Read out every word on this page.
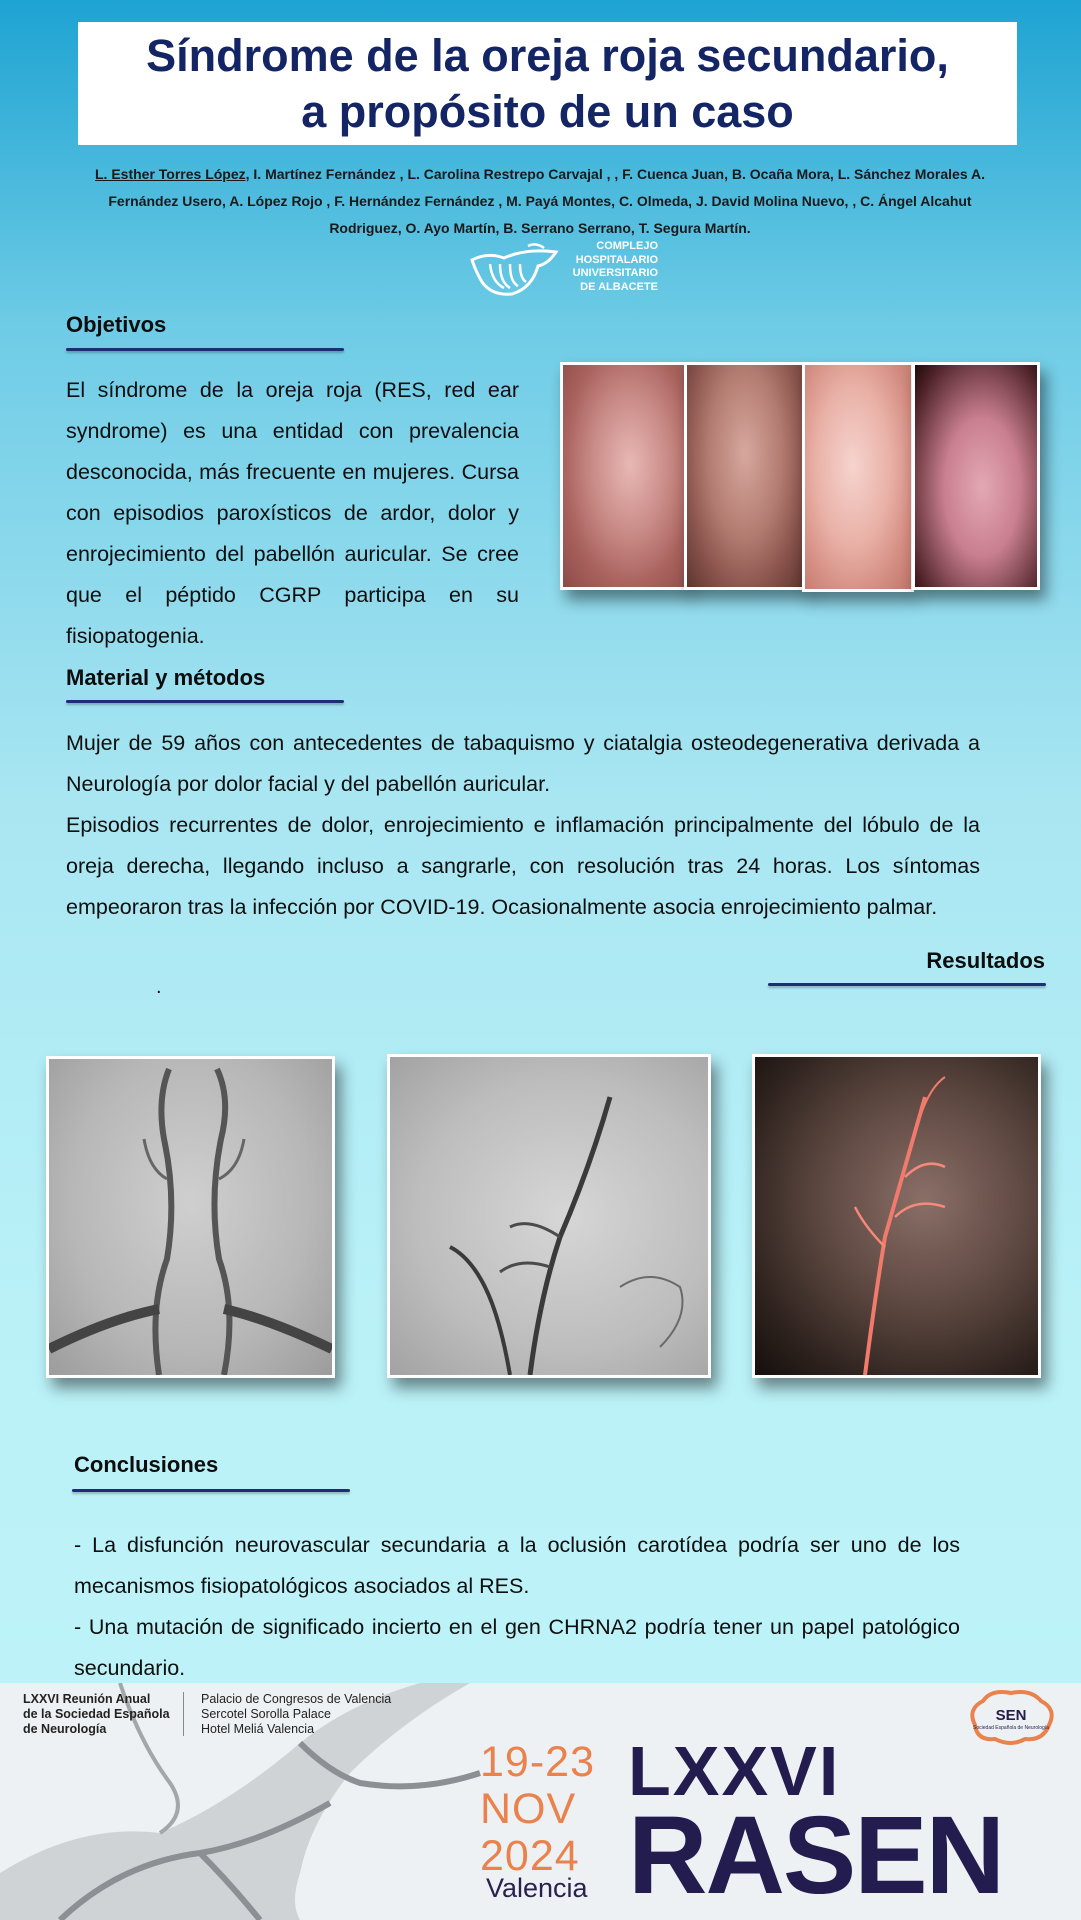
Síndrome de la oreja roja secundario,
a propósito de un caso
L. Esther Torres López, I. Martínez Fernández , L. Carolina Restrepo Carvajal , , F. Cuenca Juan, B. Ocaña Mora, L. Sánchez Morales A. Fernández Usero, A. López Rojo , F. Hernández Fernández , M. Payá Montes, C. Olmeda, J. David Molina Nuevo, , C. Ángel Alcahut Rodriguez, O. Ayo Martín, B. Serrano Serrano, T. Segura Martín.
COMPLEJO
HOSPITALARIO
UNIVERSITARIO
DE ALBACETE
Objetivos

El síndrome de la oreja roja (RES, red ear syndrome) es una entidad con prevalencia desconocida, más frecuente en mujeres. Cursa con episodios paroxísticos de ardor, dolor y enrojecimiento del pabellón auricular. Se cree que el péptido CGRP participa en su fisiopatogenia.

Material y métodos

Mujer de 59 años con antecedentes de tabaquismo y ciatalgia osteodegenerativa derivada a Neurología por dolor facial y del pabellón auricular.

Episodios recurrentes de dolor, enrojecimiento e inflamación principalmente del lóbulo de la oreja derecha, llegando incluso a sangrarle, con resolución tras 24 horas. Los síntomas empeoraron tras la infección por COVID-19. Ocasionalmente asocia enrojecimiento palmar.

.
Resultados
Conclusiones

- La disfunción neurovascular secundaria a la oclusión carotídea podría ser uno de los mecanismos fisiopatológicos asociados al RES.

- Una mutación de significado incierto en el gen CHRNA2 podría tener un papel patológico secundario.

LXXVI Reunión Anual
de la Sociedad Española
de Neurología
Palacio de Congresos de Valencia
Sercotel Sorolla Palace
Hotel Meliá Valencia
19-23
NOV
2024
Valencia
LXXVI
RASEN
SEN
Sociedad Española de Neurología
